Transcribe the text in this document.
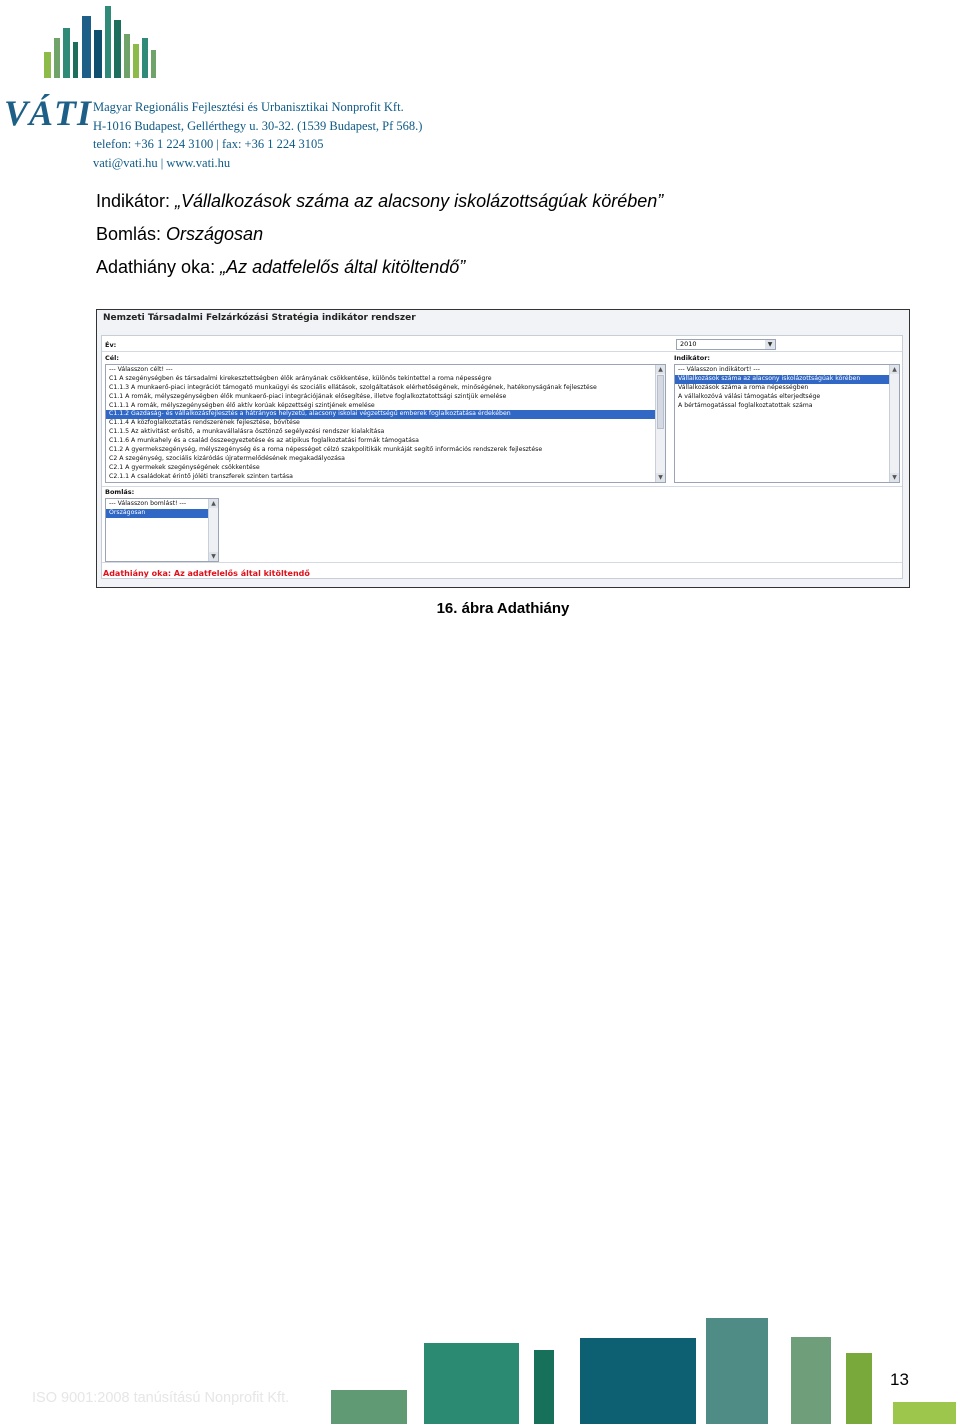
VÁTI Magyar Regionális Fejlesztési és Urbanisztikai Nonprofit Kft.
H-1016 Budapest, Gellérthegy u. 30-32. (1539 Budapest, Pf 568.)
telefon: +36 1 224 3100 | fax: +36 1 224 3105
vati@vati.hu | www.vati.hu
Indikátor: „Vállalkozások száma az alacsony iskolázottságúak körében”
Bomlás: Országosan
Adathiány oka: „Az adatfelelős által kitöltendő”
Nemzeti Társadalmi Felzárkózási Stratégia indikátor rendszer
Év:	2010	▼
Cél:	Indikátor:
--- Válasszon célt! ---
C1 A szegénységben és társadalmi kirekesztettségben élők arányának csökkentése, különös tekintettel a roma népességre
C1.1.3 A munkaerő-piaci integrációt támogató munkaügyi és szociális ellátások, szolgáltatások elérhetőségének, minőségének, hatékonyságának fejlesztése
C1.1 A romák, mélyszegénységben élők munkaerő-piaci integrációjának elősegítése, illetve foglalkoztatottsági szintjük emelése
C1.1.1 A romák, mélyszegénységben élő aktív korúak képzettségi szintjének emelése
C1.1.2 Gazdaság- és vállalkozásfejlesztés a hátrányos helyzetű, alacsony iskolai végzettségű emberek foglalkoztatása érdekében
C1.1.4 A közfoglalkoztatás rendszerének fejlesztése, bővítése
C1.1.5 Az aktivitást erősítő, a munkavállalásra ösztönző segélyezési rendszer kialakítása
C1.1.6 A munkahely és a család összeegyeztetése és az atipikus foglalkoztatási formák támogatása
C1.2 A gyermekszegénység, mélyszegénység és a roma népességet célzó szakpolitikák munkáját segítő információs rendszerek fejlesztése
C2 A szegénység, szociális kizáródás újratermelődésének megakadályozása
C2.1 A gyermekek szegénységének csökkentése
C2.1.1 A családokat érintő jóléti transzferek szinten tartása
▲
▼
--- Válasszon indikátort! ---
Vállalkozások száma az alacsony iskolázottságúak körében
Vállalkozások száma a roma népességben
A vállalkozóvá válási támogatás elterjedtsége
A bértámogatással foglalkoztatottak száma
▲
▼
Bomlás:
--- Válasszon bomlást! ---
Országosan
▲
▼
Adathiány oka: Az adatfelelős által kitöltendő
16. ábra Adathiány
ISO 9001:2008 tanúsítású Nonprofit Kft.
13
